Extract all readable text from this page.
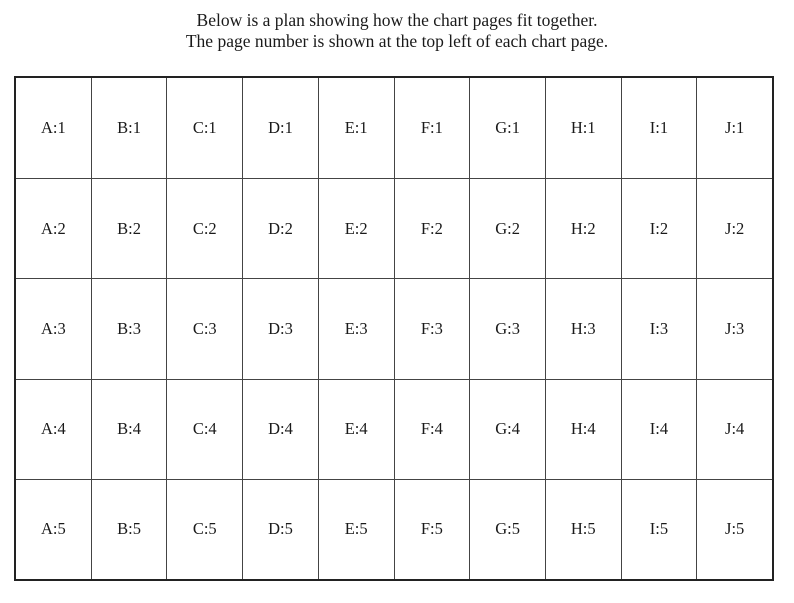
Below is a plan showing how the chart pages fit together.
The page number is shown at the top left of each chart page.
A:1	B:1	C:1	D:1	E:1	F:1	G:1	H:1	I:1	J:1
A:2	B:2	C:2	D:2	E:2	F:2	G:2	H:2	I:2	J:2
A:3	B:3	C:3	D:3	E:3	F:3	G:3	H:3	I:3	J:3
A:4	B:4	C:4	D:4	E:4	F:4	G:4	H:4	I:4	J:4
A:5	B:5	C:5	D:5	E:5	F:5	G:5	H:5	I:5	J:5
